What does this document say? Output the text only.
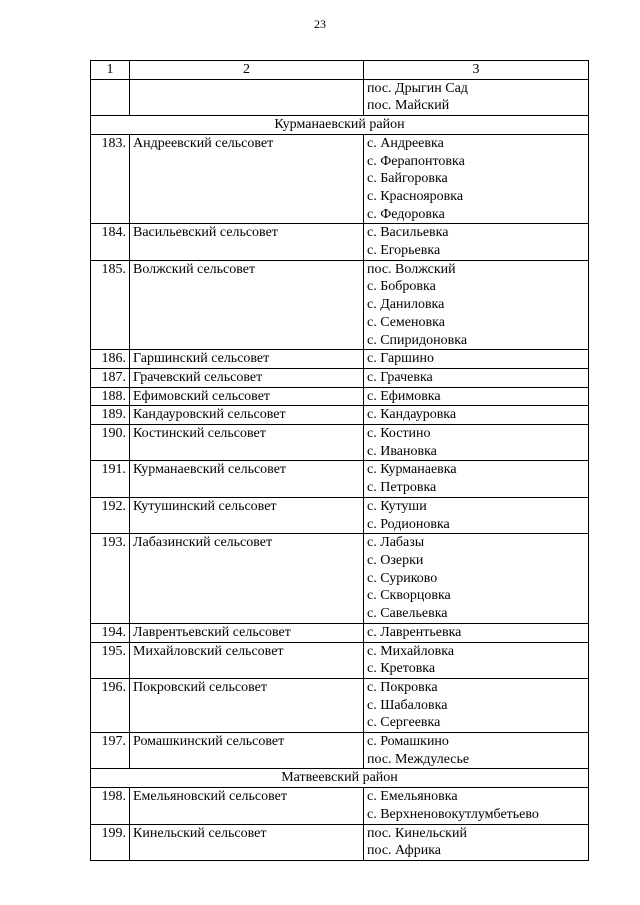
23
1	2	3

		пос. Дрыгин Сад
пос. Майский

Курманаевский район		
183.	Андреевский сельсовет	с. Андреевка
с. Ферапонтовка
с. Байгоровка
с. Краснояровка
с. Федоровка

184.	Васильевский сельсовет	с. Васильевка
с. Егорьевка

185.	Волжский сельсовет	пос. Волжский
с. Бобровка
с. Даниловка
с. Семеновка
с. Спиридоновка

186.	Гаршинский сельсовет	с. Гаршино

187.	Грачевский сельсовет	с. Грачевка

188.	Ефимовский сельсовет	с. Ефимовка

189.	Кандауровский сельсовет	с. Кандауровка

190.	Костинский сельсовет	с. Костино
с. Ивановка

191.	Курманаевский сельсовет	с. Курманаевка
с. Петровка

192.	Кутушинский сельсовет	с. Кутуши
с. Родионовка

193.	Лабазинский сельсовет	с. Лабазы
с. Озерки
с. Суриково
с. Скворцовка
с. Савельевка

194.	Лаврентьевский сельсовет	с. Лаврентьевка

195.	Михайловский сельсовет	с. Михайловка
с. Кретовка

196.	Покровский сельсовет	с. Покровка
с. Шабаловка
с. Сергеевка

197.	Ромашкинский сельсовет	с. Ромашкино
пос. Междулесье

Матвеевский район		
198.	Емельяновский сельсовет	с. Емельяновка
с. Верхненовокутлумбетьево

199.	Кинельский сельсовет	пос. Кинельский
пос. Африка
